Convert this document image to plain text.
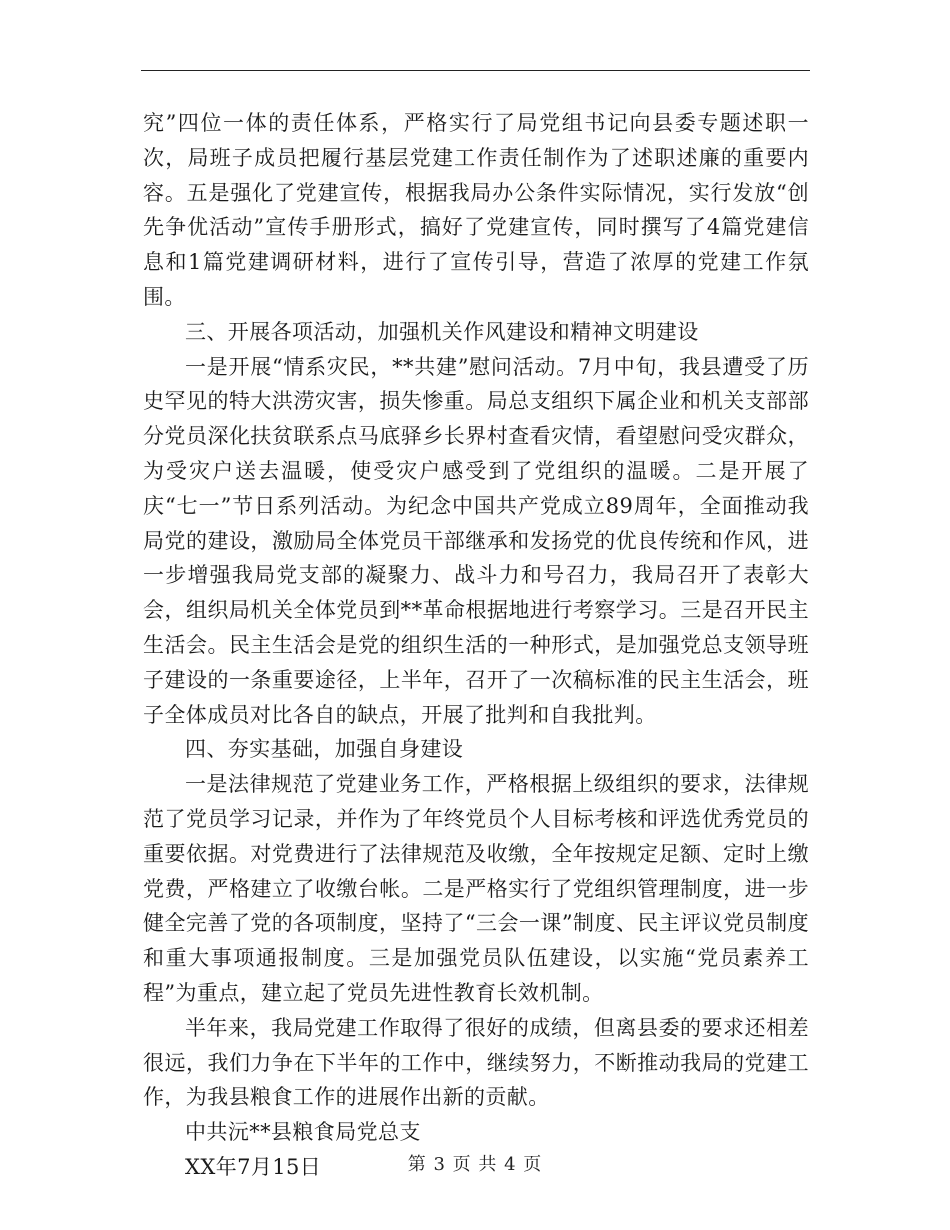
究”四位一体的责任体系，严格实行了局党组书记向县委专题述职一次，局班子成员把履行基层党建工作责任制作为了述职述廉的重要内容。五是强化了党建宣传，根据我局办公条件实际情况，实行发放“创先争优活动”宣传手册形式，搞好了党建宣传，同时撰写了4篇党建信息和1篇党建调研材料，进行了宣传引导，营造了浓厚的党建工作氛围。

三、开展各项活动，加强机关作风建设和精神文明建设

一是开展“情系灾民，**共建”慰问活动。7月中旬，我县遭受了历史罕见的特大洪涝灾害，损失惨重。局总支组织下属企业和机关支部部分党员深化扶贫联系点马底驿乡长界村查看灾情，看望慰问受灾群众，为受灾户送去温暖，使受灾户感受到了党组织的温暖。二是开展了庆“七一”节日系列活动。为纪念中国共产党成立89周年，全面推动我局党的建设，激励局全体党员干部继承和发扬党的优良传统和作风，进一步增强我局党支部的凝聚力、战斗力和号召力，我局召开了表彰大会，组织局机关全体党员到**革命根据地进行考察学习。三是召开民主生活会。民主生活会是党的组织生活的一种形式，是加强党总支领导班子建设的一条重要途径，上半年，召开了一次稿标准的民主生活会，班子全体成员对比各自的缺点，开展了批判和自我批判。

四、夯实基础，加强自身建设

一是法律规范了党建业务工作，严格根据上级组织的要求，法律规范了党员学习记录，并作为了年终党员个人目标考核和评选优秀党员的重要依据。对党费进行了法律规范及收缴，全年按规定足额、定时上缴党费，严格建立了收缴台帐。二是严格实行了党组织管理制度，进一步健全完善了党的各项制度，坚持了“三会一课”制度、民主评议党员制度和重大事项通报制度。三是加强党员队伍建设，以实施“党员素养工程”为重点，建立起了党员先进性教育长效机制。

半年来，我局党建工作取得了很好的成绩，但离县委的要求还相差很远，我们力争在下半年的工作中，继续努力，不断推动我局的党建工作，为我县粮食工作的进展作出新的贡献。

中共沅**县粮食局党总支

XX年7月15日	第 3 页 共 4 页
